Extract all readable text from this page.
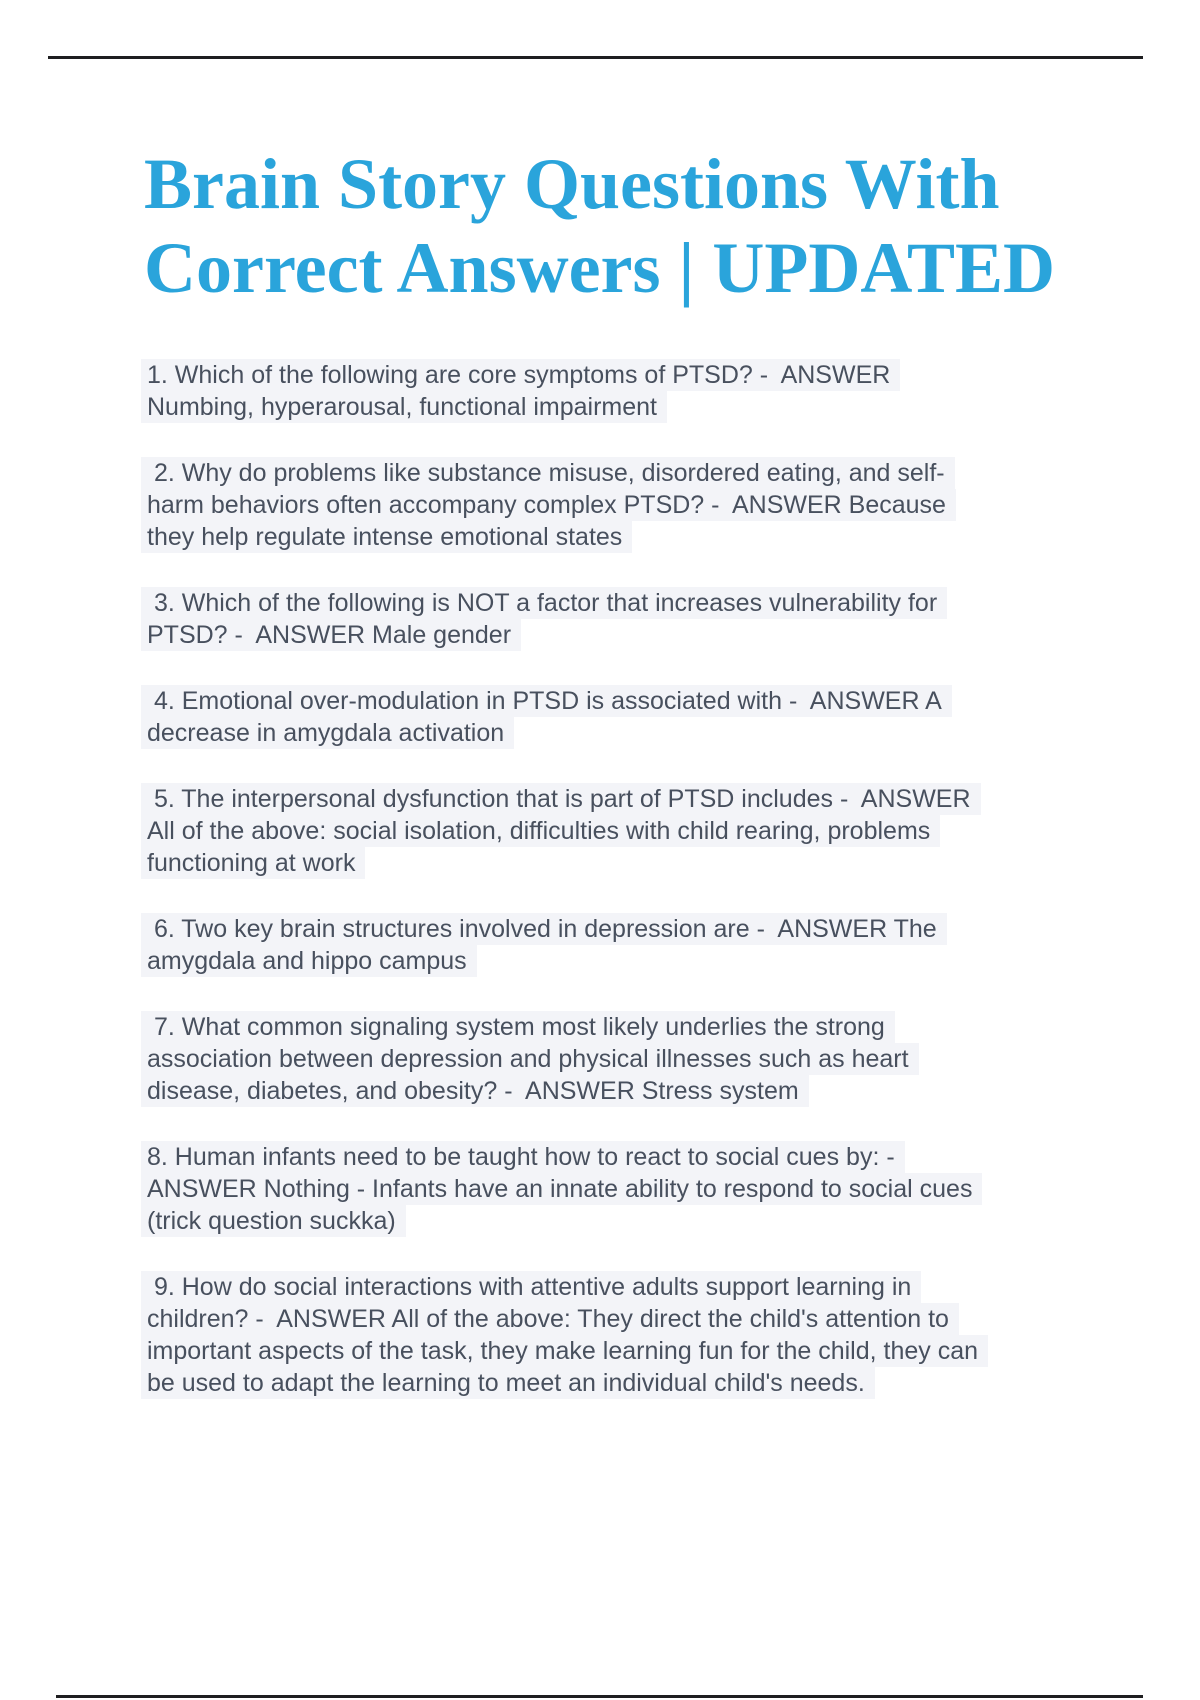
Brain Story Questions With
Correct Answers | UPDATED
1. Which of the following are core symptoms of PTSD? -  ANSWER
Numbing, hyperarousal, functional impairment
2. Why do problems like substance misuse, disordered eating, and self-
harm behaviors often accompany complex PTSD? -  ANSWER Because
they help regulate intense emotional states
3. Which of the following is NOT a factor that increases vulnerability for
PTSD? -  ANSWER Male gender
4. Emotional over-modulation in PTSD is associated with -  ANSWER A
decrease in amygdala activation
5. The interpersonal dysfunction that is part of PTSD includes -  ANSWER
All of the above: social isolation, difficulties with child rearing, problems
functioning at work
6. Two key brain structures involved in depression are -  ANSWER The
amygdala and hippo campus
7. What common signaling system most likely underlies the strong
association between depression and physical illnesses such as heart
disease, diabetes, and obesity? -  ANSWER Stress system
8. Human infants need to be taught how to react to social cues by: -
ANSWER Nothing - Infants have an innate ability to respond to social cues
(trick question suckka)
9. How do social interactions with attentive adults support learning in
children? -  ANSWER All of the above: They direct the child's attention to
important aspects of the task, they make learning fun for the child, they can
be used to adapt the learning to meet an individual child's needs.
